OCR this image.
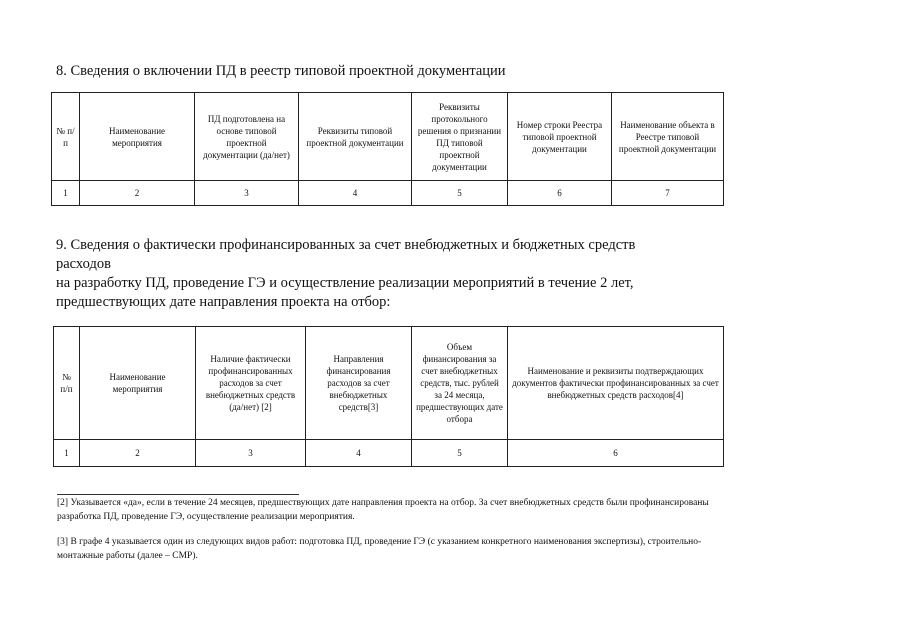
8. Сведения о включении ПД в реестр типовой проектной документации
№ п/п	Наименование мероприятия	ПД подготовлена на основе типовой проектной документации (да/нет)	Реквизиты типовой проектной документации	Реквизиты протокольного решения о признании ПД типовой проектной документации	Номер строки Реестра типовой проектной документации	Наименование объекта в Реестре типовой проектной документации
1	2	3	4	5	6	7
9. Сведения о фактически профинансированных за счет внебюджетных и бюджетных средств
расходов
на разработку ПД, проведение ГЭ и осуществление реализации мероприятий в течение 2 лет,
предшествующих дате направления проекта на отбор:
№ п/п	Наименование мероприятия	Наличие фактически профинансированных расходов за счет внебюджетных средств (да/нет) [2]	Направления финансирования расходов за счет внебюджетных средств[3]	Объем финансирования за счет внебюджетных средств, тыс. рублей за 24 месяца, предшествующих дате отбора	Наименование и реквизиты подтверждающих документов фактически профинансированных за счет внебюджетных средств расходов[4]
1	2	3	4	5	6

[2] Указывается «да», если в течение 24 месяцев, предшествующих дате направления проекта на отбор. За счет внебюджетных средств были профинансированы разработка ПД, проведение ГЭ, осуществление реализации мероприятия.

[3] В графе 4 указывается один из следующих видов работ: подготовка ПД, проведение ГЭ (с указанием конкретного наименования экспертизы), строительно-монтажные работы (далее – СМР).
